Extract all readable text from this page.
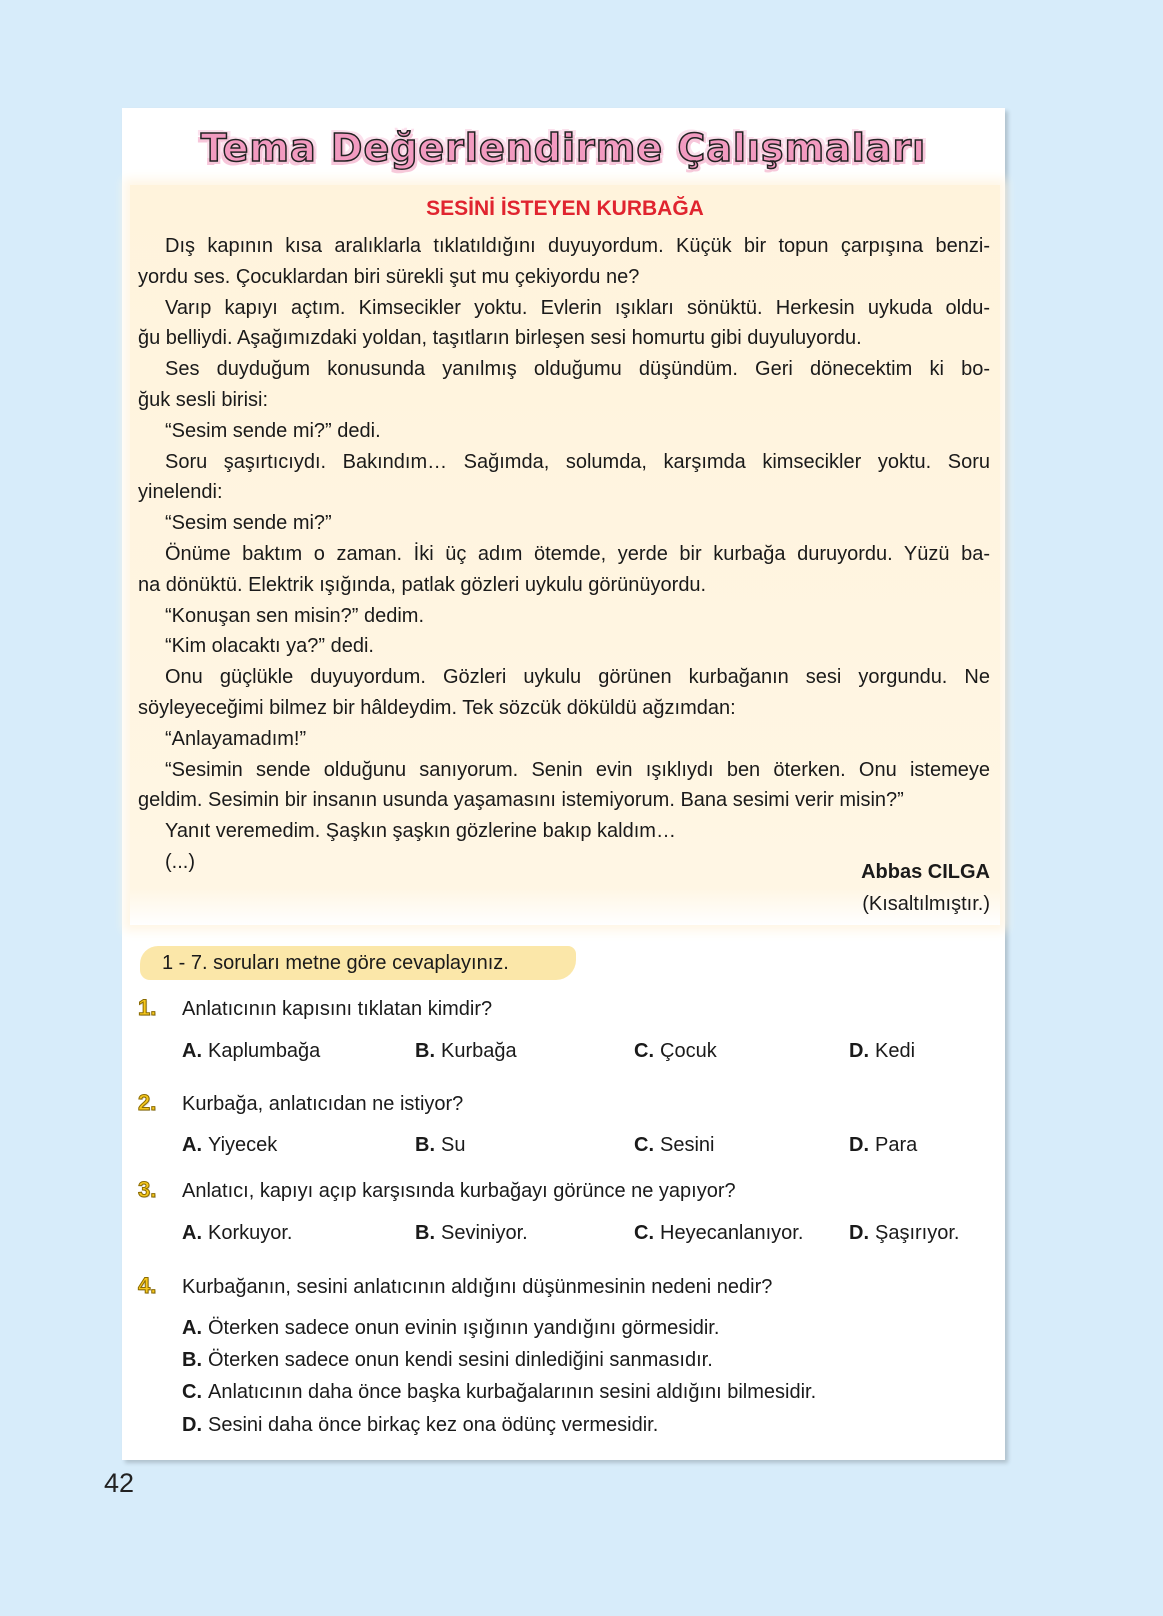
Tema Değerlendirme Çalışmaları
SESİNİ İSTEYEN KURBAĞA
Dış kapının kısa aralıklarla tıklatıldığını duyuyordum. Küçük bir topun çarpışına benzi-
yordu ses. Çocuklardan biri sürekli şut mu çekiyordu ne?
Varıp kapıyı açtım. Kimsecikler yoktu. Evlerin ışıkları sönüktü. Herkesin uykuda oldu-
ğu belliydi. Aşağımızdaki yoldan, taşıtların birleşen sesi homurtu gibi duyuluyordu.
Ses duyduğum konusunda yanılmış olduğumu düşündüm. Geri dönecektim ki bo-
ğuk sesli birisi:
“Sesim sende mi?” dedi.
Soru şaşırtıcıydı. Bakındım… Sağımda, solumda, karşımda kimsecikler yoktu. Soru
yinelendi:
“Sesim sende mi?”
Önüme baktım o zaman. İki üç adım ötemde, yerde bir kurbağa duruyordu. Yüzü ba-
na dönüktü. Elektrik ışığında, patlak gözleri uykulu görünüyordu.
“Konuşan sen misin?” dedim.
“Kim olacaktı ya?” dedi.
Onu güçlükle duyuyordum. Gözleri uykulu görünen kurbağanın sesi yorgundu. Ne
söyleyeceğimi bilmez bir hâldeydim. Tek sözcük döküldü ağzımdan:
“Anlayamadım!”
“Sesimin sende olduğunu sanıyorum. Senin evin ışıklıydı ben öterken. Onu istemeye
geldim. Sesimin bir insanın usunda yaşamasını istemiyorum. Bana sesimi verir misin?”
Yanıt veremedim. Şaşkın şaşkın gözlerine bakıp kaldım…
(...)	Abbas CILGA
(Kısaltılmıştır.)
1 - 7. soruları metne göre cevaplayınız.
1. Anlatıcının kapısını tıklatan kimdir?
A. Kaplumbağa	B. Kurbağa	C. Çocuk	D. Kedi
2. Kurbağa, anlatıcıdan ne istiyor?
A. Yiyecek	B. Su	C. Sesini	D. Para
3. Anlatıcı, kapıyı açıp karşısında kurbağayı görünce ne yapıyor?
A. Korkuyor.	B. Seviniyor.	C. Heyecanlanıyor. D. Şaşırıyor.
4. Kurbağanın, sesini anlatıcının aldığını düşünmesinin nedeni nedir?
A. Öterken sadece onun evinin ışığının yandığını görmesidir.
B. Öterken sadece onun kendi sesini dinlediğini sanmasıdır.
C. Anlatıcının daha önce başka kurbağalarının sesini aldığını bilmesidir.
D. Sesini daha önce birkaç kez ona ödünç vermesidir.
42
